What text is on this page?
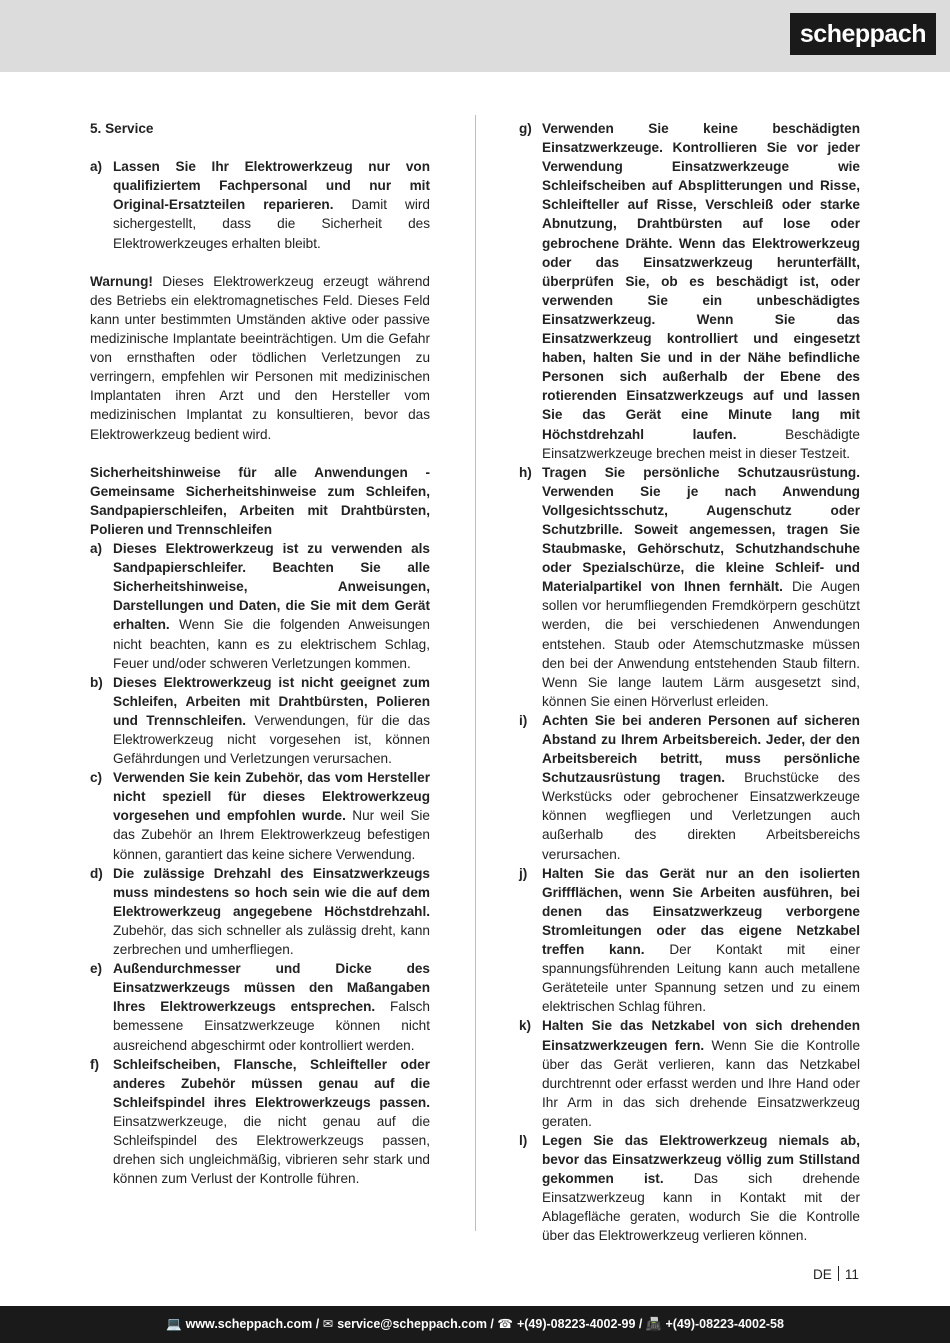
scheppach

5. Service

a) Lassen Sie Ihr Elektrowerkzeug nur von qualifiziertem Fachpersonal und nur mit Original-Ersatzteilen reparieren. Damit wird sichergestellt, dass die Sicherheit des Elektrowerkzeuges erhalten bleibt.

Warnung! Dieses Elektrowerkzeug erzeugt während des Betriebs ein elektromagnetisches Feld. Dieses Feld kann unter bestimmten Umständen aktive oder passive medizinische Implantate beeinträchtigen. Um die Gefahr von ernsthaften oder tödlichen Verletzungen zu verringern, empfehlen wir Personen mit medizinischen Implantaten ihren Arzt und den Hersteller vom medizinischen Implantat zu konsultieren, bevor das Elektrowerkzeug bedient wird.

Sicherheitshinweise für alle Anwendungen - Gemeinsame Sicherheitshinweise zum Schleifen, Sandpapierschleifen, Arbeiten mit Drahtbürsten, Polieren und Trennschleifen

a) Dieses Elektrowerkzeug ist zu verwenden als Sandpapierschleifer. Beachten Sie alle Sicherheitshinweise, Anweisungen, Darstellungen und Daten, die Sie mit dem Gerät erhalten. Wenn Sie die folgenden Anweisungen nicht beachten, kann es zu elektrischem Schlag, Feuer und/oder schweren Verletzungen kommen.
b) Dieses Elektrowerkzeug ist nicht geeignet zum Schleifen, Arbeiten mit Drahtbürsten, Polieren und Trennschleifen. Verwendungen, für die das Elektrowerkzeug nicht vorgesehen ist, können Gefährdungen und Verletzungen verursachen.
c) Verwenden Sie kein Zubehör, das vom Hersteller nicht speziell für dieses Elektrowerkzeug vorgesehen und empfohlen wurde. Nur weil Sie das Zubehör an Ihrem Elektrowerkzeug befestigen können, garantiert das keine sichere Verwendung.
d) Die zulässige Drehzahl des Einsatzwerkzeugs muss mindestens so hoch sein wie die auf dem Elektrowerkzeug angegebene Höchstdrehzahl. Zubehör, das sich schneller als zulässig dreht, kann zerbrechen und umherfliegen.
e) Außendurchmesser und Dicke des Einsatzwerkzeugs müssen den Maßangaben Ihres Elektrowerkzeugs entsprechen. Falsch bemessene Einsatzwerkzeuge können nicht ausreichend abgeschirmt oder kontrolliert werden.
f)	Schleifscheiben, Flansche, Schleifteller oder anderes Zubehör müssen genau auf die Schleifspindel ihres Elektrowerkzeugs passen. Einsatzwerkzeuge, die nicht genau auf die Schleifspindel des Elektrowerkzeugs passen, drehen sich ungleichmäßig, vibrieren sehr stark und können zum Verlust der Kontrolle führen.
g) Verwenden Sie keine beschädigten Einsatzwerkzeuge. Kontrollieren Sie vor jeder Verwendung Einsatzwerkzeuge wie Schleifscheiben auf Absplitterungen und Risse, Schleifteller auf Risse, Verschleiß oder starke Abnutzung, Drahtbürsten auf lose oder gebrochene Drähte. Wenn das Elektrowerkzeug oder das Einsatzwerkzeug herunterfällt, überprüfen Sie, ob es beschädigt ist, oder verwenden Sie ein unbeschädigtes Einsatzwerkzeug. Wenn Sie das Einsatzwerkzeug kontrolliert und eingesetzt haben, halten Sie und in der Nähe befindliche Personen sich außerhalb der Ebene des rotierenden Einsatzwerkzeugs auf und lassen Sie das Gerät eine Minute lang mit Höchstdrehzahl laufen. Beschädigte Einsatzwerkzeuge brechen meist in dieser Testzeit.
h) Tragen Sie persönliche Schutzausrüstung. Verwenden Sie je nach Anwendung Vollgesichtsschutz, Augenschutz oder Schutzbrille. Soweit angemessen, tragen Sie Staubmaske, Gehörschutz, Schutzhandschuhe oder Spezialschürze, die kleine Schleif- und Materialpartikel von Ihnen fernhält. Die Augen sollen vor herumfliegenden Fremdkörpern geschützt werden, die bei verschiedenen Anwendungen entstehen. Staub oder Atemschutzmaske müssen den bei der Anwendung entstehenden Staub filtern. Wenn Sie lange lautem Lärm ausgesetzt sind, können Sie einen Hörverlust erleiden.
i)	Achten Sie bei anderen Personen auf sicheren Abstand zu Ihrem Arbeitsbereich. Jeder, der den Arbeitsbereich betritt, muss persönliche Schutzausrüstung tragen. Bruchstücke des Werkstücks oder gebrochener Einsatzwerkzeuge können wegfliegen und Verletzungen auch außerhalb des direkten Arbeitsbereichs verursachen.
j)	Halten Sie das Gerät nur an den isolierten Griffflächen, wenn Sie Arbeiten ausführen, bei denen das Einsatzwerkzeug verborgene Stromleitungen oder das eigene Netzkabel treffen kann. Der Kontakt mit einer spannungsführenden Leitung kann auch metallene Geräteteile unter Spannung setzen und zu einem elektrischen Schlag führen.
k) Halten Sie das Netzkabel von sich drehenden Einsatzwerkzeugen fern. Wenn Sie die Kontrolle über das Gerät verlieren, kann das Netzkabel durchtrennt oder erfasst werden und Ihre Hand oder Ihr Arm in das sich drehende Einsatzwerkzeug geraten.
l)	Legen Sie das Elektrowerkzeug niemals ab, bevor das Einsatzwerkzeug völlig zum Stillstand gekommen ist. Das sich drehende Einsatzwerkzeug kann in Kontakt mit der Ablagefläche geraten, wodurch Sie die Kontrolle über das Elektrowerkzeug verlieren können.
DE 11
💻 www.scheppach.com / ✉ service@scheppach.com / ☎ +(49)-08223-4002-99 / 📠 +(49)-08223-4002-58
